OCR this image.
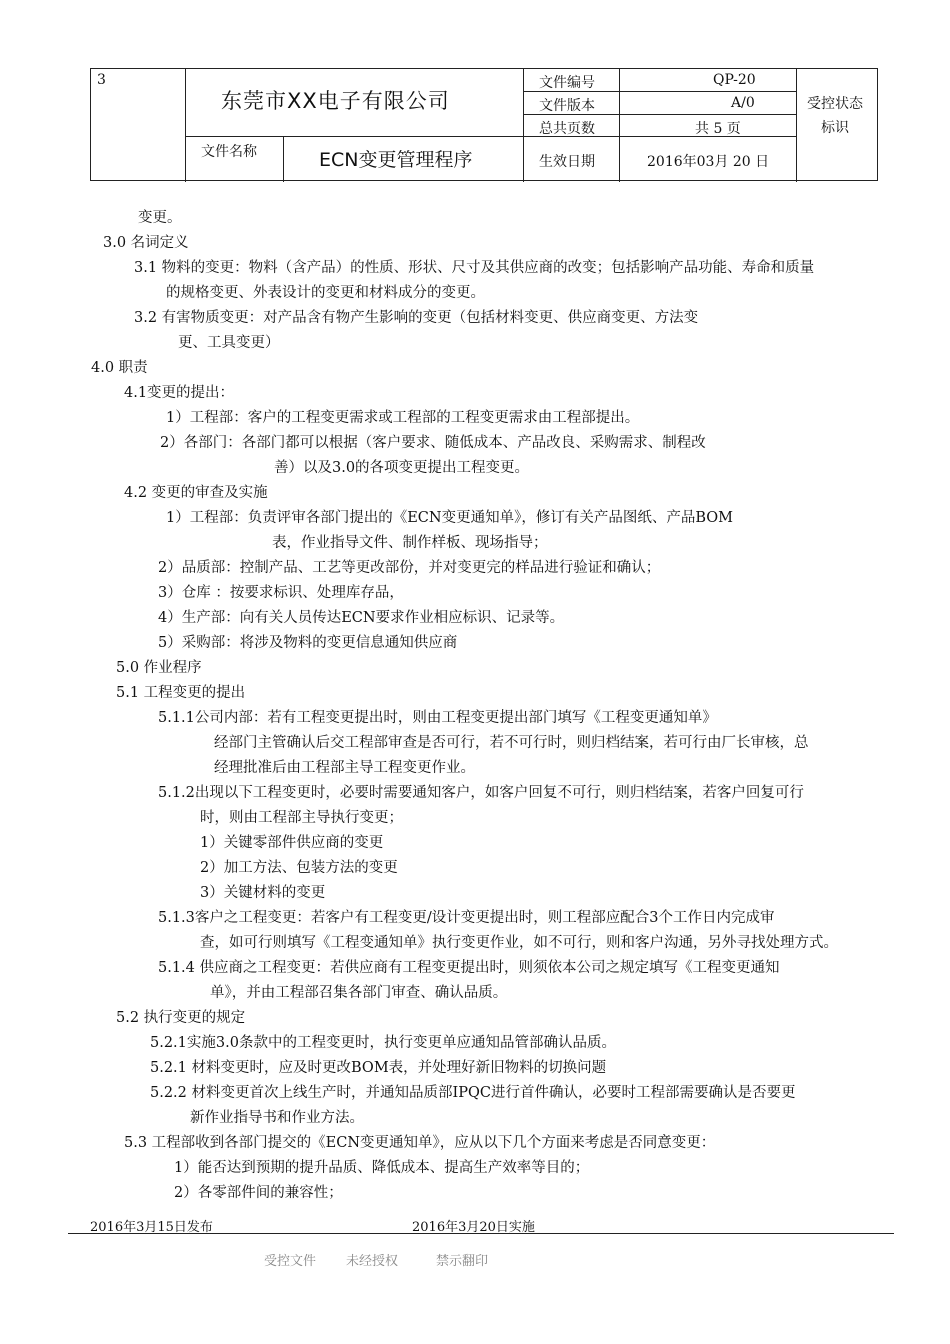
3
东莞市XX电子有限公司
文件编号	QP-20
文件版本	A/0
总共页数	共 5 页
受控状态
标识
文件名称	ECN变更管理程序	生效日期	2016年03月 20 日
变更。
3.0 名词定义
3.1 物料的变更：物料（含产品）的性质、形状、尺寸及其供应商的改变；包括影响产品功能、寿命和质量
的规格变更、外表设计的变更和材料成分的变更。
3.2 有害物质变更：对产品含有物产生影响的变更（包括材料变更、供应商变更、方法变
更、工具变更）
4.0 职责
4.1变更的提出：
1）工程部：客户的工程变更需求或工程部的工程变更需求由工程部提出。
2）各部门：各部门都可以根据（客户要求、随低成本、产品改良、采购需求、制程改
善）以及3.0的各项变更提出工程变更。
4.2 变更的审查及实施
1）工程部：负责评审各部门提出的《ECN变更通知单》，修订有关产品图纸、产品BOM
表，作业指导文件、制作样板、现场指导；
2）品质部：控制产品、工艺等更改部份，并对变更完的样品进行验证和确认；
3）仓库 ：按要求标识、处理库存品，
4）生产部：向有关人员传达ECN要求作业相应标识、记录等。
5）采购部：将涉及物料的变更信息通知供应商
5.0 作业程序
5.1 工程变更的提出
5.1.1公司内部：若有工程变更提出时，则由工程变更提出部门填写《工程变更通知单》
经部门主管确认后交工程部审查是否可行，若不可行时，则归档结案，若可行由厂长审核，总
经理批准后由工程部主导工程变更作业。
5.1.2出现以下工程变更时，必要时需要通知客户，如客户回复不可行，则归档结案，若客户回复可行
时，则由工程部主导执行变更；
1）关键零部件供应商的变更
2）加工方法、包装方法的变更
3）关键材料的变更
5.1.3客户之工程变更：若客户有工程变更/设计变更提出时，则工程部应配合3个工作日内完成审
查，如可行则填写《工程变通知单》执行变更作业，如不可行，则和客户沟通，另外寻找处理方式。
5.1.4 供应商之工程变更：若供应商有工程变更提出时，则须依本公司之规定填写《工程变更通知
单》，并由工程部召集各部门审查、确认品质。
5.2 执行变更的规定
5.2.1实施3.0条款中的工程变更时，执行变更单应通知品管部确认品质。
5.2.1 材料变更时，应及时更改BOM表，并处理好新旧物料的切换问题
5.2.2 材料变更首次上线生产时，并通知品质部IPQC进行首件确认，必要时工程部需要确认是否要更
新作业指导书和作业方法。
5.3 工程部收到各部门提交的《ECN变更通知单》，应从以下几个方面来考虑是否同意变更：
1）能否达到预期的提升品质、降低成本、提高生产效率等目的；
2）各零部件间的兼容性；
2016年3月15日发布	2016年3月20日实施
受控文件 未经授权	禁示翻印
